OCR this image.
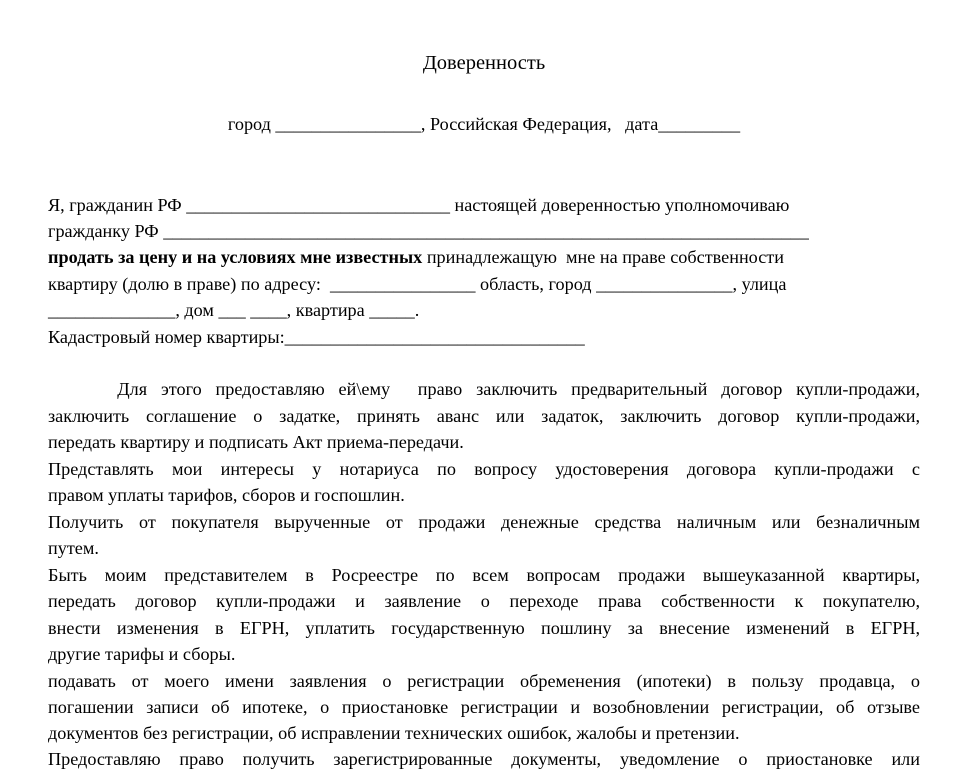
Доверенность
город ________________, Российская Федерация,   дата_________
Я, гражданин РФ _____________________________ настоящей доверенностью уполномочиваю
гражданку РФ _______________________________________________________________________
продать за цену и на условиях мне известных принадлежащую  мне на праве собственности
квартиру (долю в праве) по адресу:  ________________ область, город _______________, улица
______________, дом ___ ____, квартира _____.
Кадастровый номер квартиры:_________________________________
Для этого предоставляю ей\ему  право заключить предварительный договор купли-продажи,
заключить соглашение о задатке, принять аванс или задаток, заключить договор купли-продажи,
передать квартиру и подписать Акт приема-передачи.
Представлять мои интересы у нотариуса по вопросу удостоверения договора купли-продажи с
правом уплаты тарифов, сборов и госпошлин.
Получить от покупателя вырученные от продажи денежные средства наличным или безналичным
путем.
Быть моим представителем в Росреестре по всем вопросам продажи вышеуказанной квартиры,
передать договор купли-продажи и заявление о переходе права собственности к покупателю,
внести изменения в ЕГРН, уплатить государственную пошлину за внесение изменений в ЕГРН,
другие тарифы и сборы.
подавать от моего имени заявления о регистрации обременения (ипотеки) в пользу продавца, о
погашении записи об ипотеке, о приостановке регистрации и возобновлении регистрации, об отзыве
документов без регистрации, об исправлении технических ошибок, жалобы и претензии.
Предоставляю право получить зарегистрированные документы, уведомление о приостановке или
